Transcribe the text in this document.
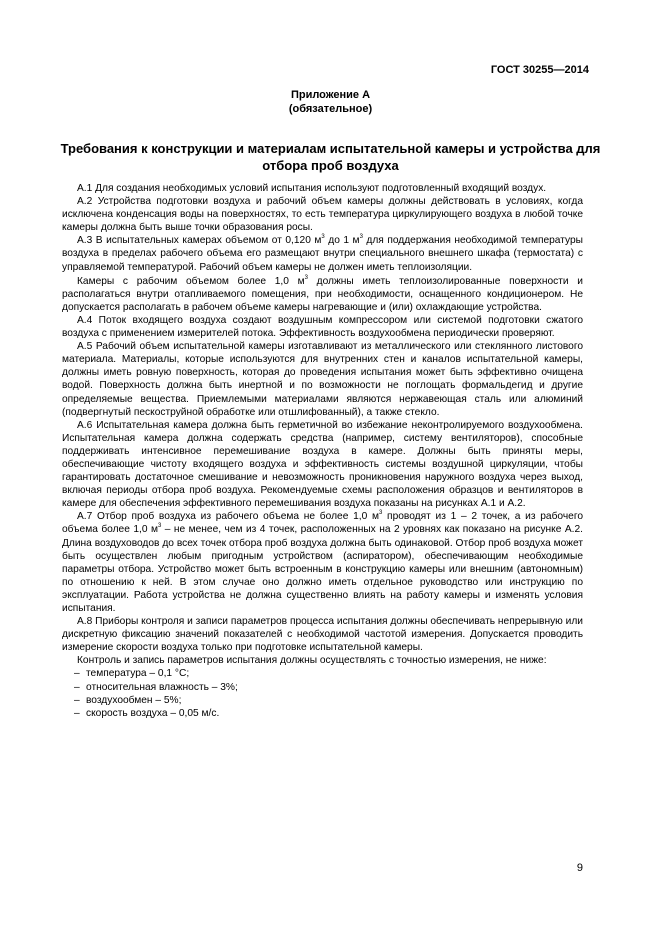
ГОСТ 30255—2014
Приложение А
(обязательное)
Требования к конструкции и материалам испытательной камеры и устройства для отбора проб воздуха

А.1 Для создания необходимых условий испытания используют подготовленный входящий воздух.

А.2 Устройства подготовки воздуха и рабочий объем камеры должны действовать в условиях, когда исключена конденсация воды на поверхностях, то есть температура циркулирующего воздуха в любой точке камеры должна быть выше точки образования росы.

А.3 В испытательных камерах объемом от 0,120 $м^3$ до 1 $м^3$ для поддержания необходимой температуры воздуха в пределах рабочего объема его размещают внутри специального внешнего шкафа (термостата) с управляемой температурой. Рабочий объем камеры не должен иметь теплоизоляции.

Камеры с рабочим объемом более 1,0 $м^3$ должны иметь теплоизолированные поверхности и располагаться внутри отапливаемого помещения, при необходимости, оснащенного кондиционером. Не допускается располагать в рабочем объеме камеры нагревающие и (или) охлаждающие устройства.

А.4 Поток входящего воздуха создают воздушным компрессором или системой подготовки сжатого воздуха с применением измерителей потока. Эффективность воздухообмена периодически проверяют.

А.5 Рабочий объем испытательной камеры изготавливают из металлического или стеклянного листового материала. Материалы, которые используются для внутренних стен и каналов испытательной камеры, должны иметь ровную поверхность, которая до проведения испытания может быть эффективно очищена водой. Поверхность должна быть инертной и по возможности не поглощать формальдегид и другие определяемые вещества. Приемлемыми материалами являются нержавеющая сталь или алюминий (подвергнутый пескоструйной обработке или отшлифованный), а также стекло.

А.6 Испытательная камера должна быть герметичной во избежание неконтролируемого воздухообмена. Испытательная камера должна содержать средства (например, систему вентиляторов), способные поддерживать интенсивное перемешивание воздуха в камере. Должны быть приняты меры, обеспечивающие чистоту входящего воздуха и эффективность системы воздушной циркуляции, чтобы гарантировать достаточное смешивание и невозможность проникновения наружного воздуха через выход, включая периоды отбора проб воздуха. Рекомендуемые схемы расположения образцов и вентиляторов в камере для обеспечения эффективного перемешивания воздуха показаны на рисунках А.1 и А.2.

А.7 Отбор проб воздуха из рабочего объема не более 1,0 $м^3$ проводят из 1 – 2 точек, а из рабочего объема более 1,0 $м^3$ – не менее, чем из 4 точек, расположенных на 2 уровнях как показано на рисунке А.2. Длина воздуховодов до всех точек отбора проб воздуха должна быть одинаковой. Отбор проб воздуха может быть осуществлен любым пригодным устройством (аспиратором), обеспечивающим необходимые параметры отбора. Устройство может быть встроенным в конструкцию камеры или внешним (автономным) по отношению к ней. В этом случае оно должно иметь отдельное руководство или инструкцию по эксплуатации. Работа устройства не должна существенно влиять на работу камеры и изменять условия испытания.

А.8 Приборы контроля и записи параметров процесса испытания должны обеспечивать непрерывную или дискретную фиксацию значений показателей с необходимой частотой измерения. Допускается проводить измерение скорости воздуха только при подготовке испытательной камеры.

Контроль и запись параметров испытания должны осуществлять с точностью измерения, не ниже:

– температура – 0,1 °С;
– относительная влажность – 3%;
– воздухообмен – 5%;
– скорость воздуха – 0,05 м/с.
9
